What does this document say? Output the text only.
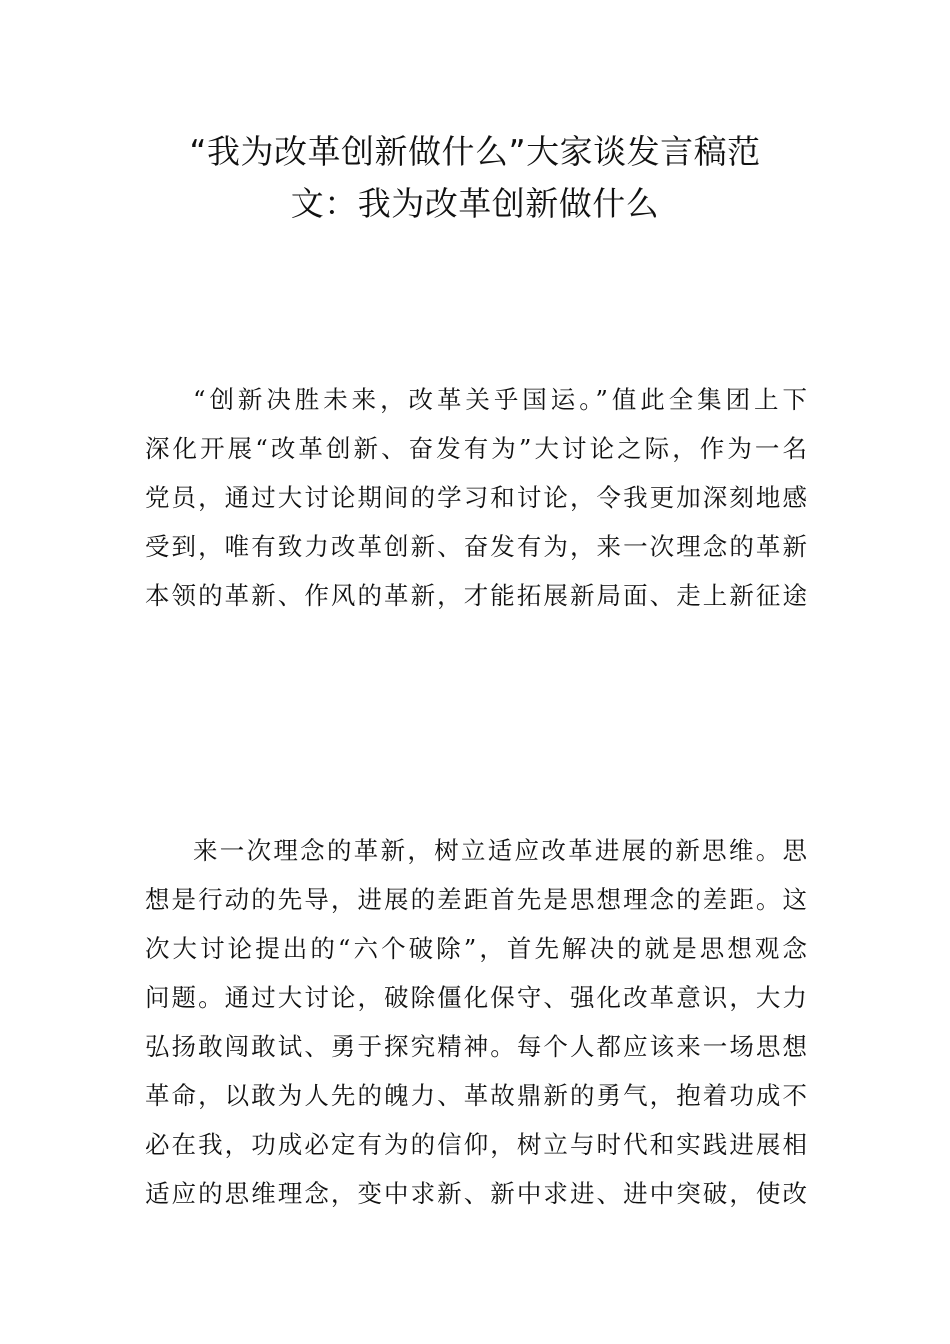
“我为改革创新做什么”大家谈发言稿范
文：我为改革创新做什么
“创新决胜未来，改革关乎国运。”值此全集团上下
深化开展“改革创新、奋发有为”大讨论之际，作为一名
党员，通过大讨论期间的学习和讨论，令我更加深刻地感
受到，唯有致力改革创新、奋发有为，来一次理念的革新
本领的革新、作风的革新，才能拓展新局面、走上新征途
来一次理念的革新，树立适应改革进展的新思维。思
想是行动的先导，进展的差距首先是思想理念的差距。这
次大讨论提出的“六个破除”，首先解决的就是思想观念
问题。通过大讨论，破除僵化保守、强化改革意识，大力
弘扬敢闯敢试、勇于探究精神。每个人都应该来一场思想
革命，以敢为人先的魄力、革故鼎新的勇气，抱着功成不
必在我，功成必定有为的信仰，树立与时代和实践进展相
适应的思维理念，变中求新、新中求进、进中突破，使改
